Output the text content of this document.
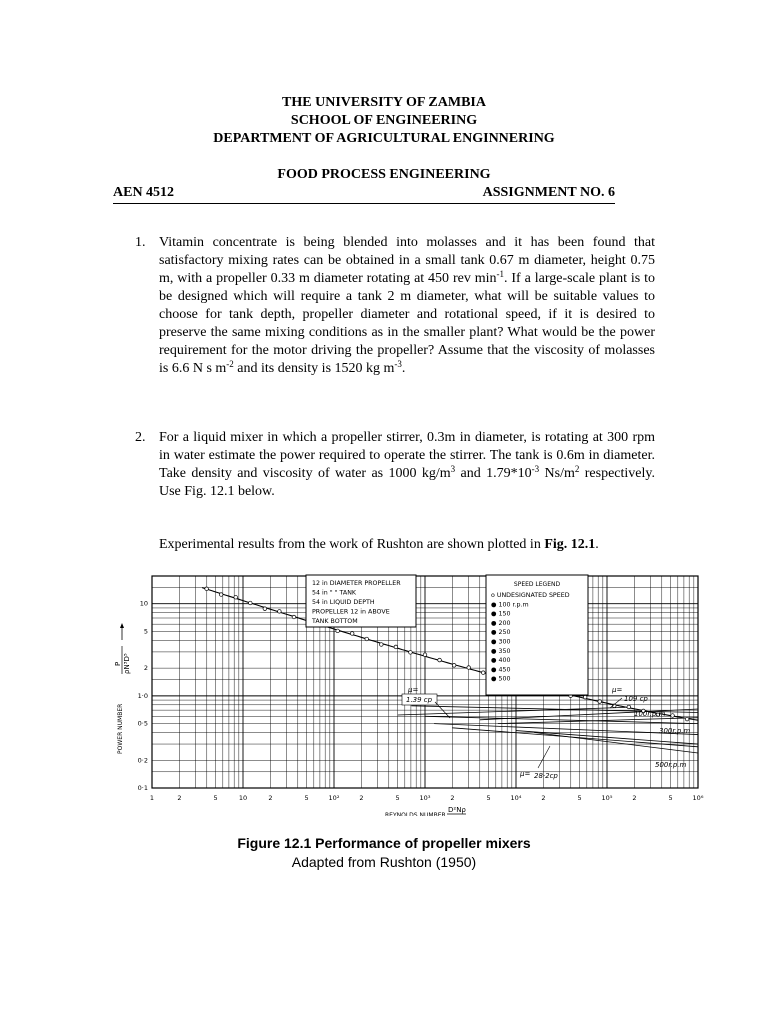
THE UNIVERSITY OF ZAMBIA
SCHOOL OF ENGINEERING
DEPARTMENT OF AGRICULTURAL ENGINNERING
FOOD PROCESS ENGINEERING
AEN 4512	ASSIGNMENT NO. 6
1. Vitamin concentrate is being blended into molasses and it has been found that satisfactory mixing rates can be obtained in a small tank 0.67 m diameter, height 0.75 m, with a propeller 0.33 m diameter rotating at 450 rev $\min^{-1}$. If a large-scale plant is to be designed which will require a tank 2 m diameter, what will be suitable values to choose for tank depth, propeller diameter and rotational speed, if it is desired to preserve the same mixing conditions as in the smaller plant? What would be the power requirement for the motor driving the propeller? Assume that the viscosity of molasses is 6.6 N s $m^{-2}$ and its density is 1520 kg $m^{-3}$.
2. For a liquid mixer in which a propeller stirrer, 0.3m in diameter, is rotating at 300 rpm in water estimate the power required to operate the stirrer. The tank is 0.6m in diameter. Take density and viscosity of water as 1000 $kg/m^3$ and $1.79*10^{-3}$ $Ns/m^2$ respectively. Use Fig. 12.1 below.
Experimental results from the work of Rushton are shown plotted in Fig. 12.1.
10
5
2
1·0
0·5
0·2
0·1
1	2	5	10	2	5	10²	2	5	10³	2	5	10⁴	2	5	10⁵	2	5	10⁶
12 in DIAMETER PROPELLER
54 in " " TANK
54 in LIQUID DEPTH
PROPELLER 12 in ABOVE
TANK BOTTOM
SPEED LEGEND
o UNDESIGNATED SPEED
● 100 r.p.m
● 150
● 200
● 250
● 300
● 350
● 400
● 450
● 500
POWER NUMBER
P ρN³D⁵
REYNOLDS NUMBER
D²Nρ
μ=
1.39 cp
μ=
109 cp
100r.p.m
300r.p.m
500r.p.m
μ= 28·2cp
Figure 12.1 Performance of propeller mixers
Adapted from Rushton (1950)
